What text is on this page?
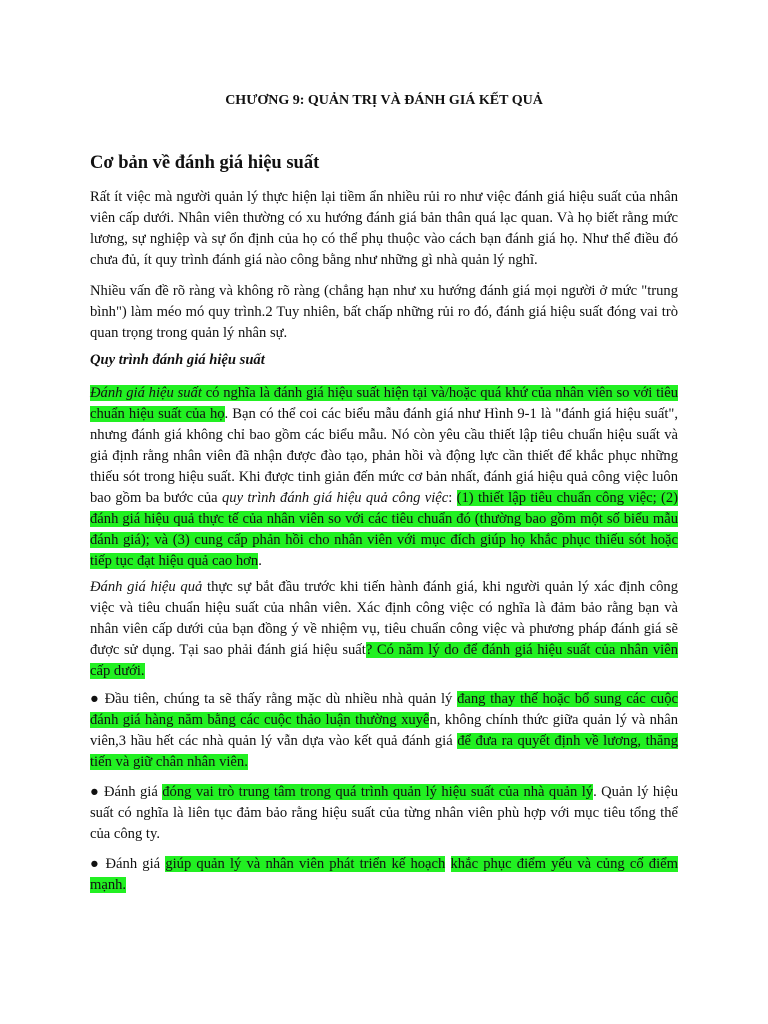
CHƯƠNG 9: QUẢN TRỊ VÀ ĐÁNH GIÁ KẾT QUẢ
Cơ bản về đánh giá hiệu suất
Rất ít việc mà người quản lý thực hiện lại tiềm ẩn nhiều rủi ro như việc đánh giá hiệu suất của nhân viên cấp dưới. Nhân viên thường có xu hướng đánh giá bản thân quá lạc quan. Và họ biết rằng mức lương, sự nghiệp và sự ổn định của họ có thể phụ thuộc vào cách bạn đánh giá họ. Như thể điều đó chưa đủ, ít quy trình đánh giá nào công bằng như những gì nhà quản lý nghĩ.
Nhiều vấn đề rõ ràng và không rõ ràng (chẳng hạn như xu hướng đánh giá mọi người ở mức "trung bình") làm méo mó quy trình.2 Tuy nhiên, bất chấp những rủi ro đó, đánh giá hiệu suất đóng vai trò quan trọng trong quản lý nhân sự.
Quy trình đánh giá hiệu suất
Đánh giá hiệu suất có nghĩa là đánh giá hiệu suất hiện tại và/hoặc quá khứ của nhân viên so với tiêu chuẩn hiệu suất của họ. Bạn có thể coi các biểu mẫu đánh giá như Hình 9-1 là "đánh giá hiệu suất", nhưng đánh giá không chỉ bao gồm các biểu mẫu. Nó còn yêu cầu thiết lập tiêu chuẩn hiệu suất và giả định rằng nhân viên đã nhận được đào tạo, phản hồi và động lực cần thiết để khắc phục những thiếu sót trong hiệu suất. Khi được tinh giản đến mức cơ bản nhất, đánh giá hiệu quả công việc luôn bao gồm ba bước của quy trình đánh giá hiệu quả công việc: (1) thiết lập tiêu chuẩn công việc; (2) đánh giá hiệu quả thực tế của nhân viên so với các tiêu chuẩn đó (thường bao gồm một số biểu mẫu đánh giá); và (3) cung cấp phản hồi cho nhân viên với mục đích giúp họ khắc phục thiếu sót hoặc tiếp tục đạt hiệu quả cao hơn.
Đánh giá hiệu quả thực sự bắt đầu trước khi tiến hành đánh giá, khi người quản lý xác định công việc và tiêu chuẩn hiệu suất của nhân viên. Xác định công việc có nghĩa là đảm bảo rằng bạn và nhân viên cấp dưới của bạn đồng ý về nhiệm vụ, tiêu chuẩn công việc và phương pháp đánh giá sẽ được sử dụng. Tại sao phải đánh giá hiệu suất? Có năm lý do để đánh giá hiệu suất của nhân viên cấp dưới.
● Đầu tiên, chúng ta sẽ thấy rằng mặc dù nhiều nhà quản lý đang thay thế hoặc bổ sung các cuộc đánh giá hàng năm bằng các cuộc thảo luận thường xuyên, không chính thức giữa quản lý và nhân viên,3 hầu hết các nhà quản lý vẫn dựa vào kết quả đánh giá để đưa ra quyết định về lương, thăng tiến và giữ chân nhân viên.
● Đánh giá đóng vai trò trung tâm trong quá trình quản lý hiệu suất của nhà quản lý. Quản lý hiệu suất có nghĩa là liên tục đảm bảo rằng hiệu suất của từng nhân viên phù hợp với mục tiêu tổng thể của công ty.
● Đánh giá giúp quản lý và nhân viên phát triển kế hoạch khắc phục điểm yếu và củng cố điểm mạnh.
